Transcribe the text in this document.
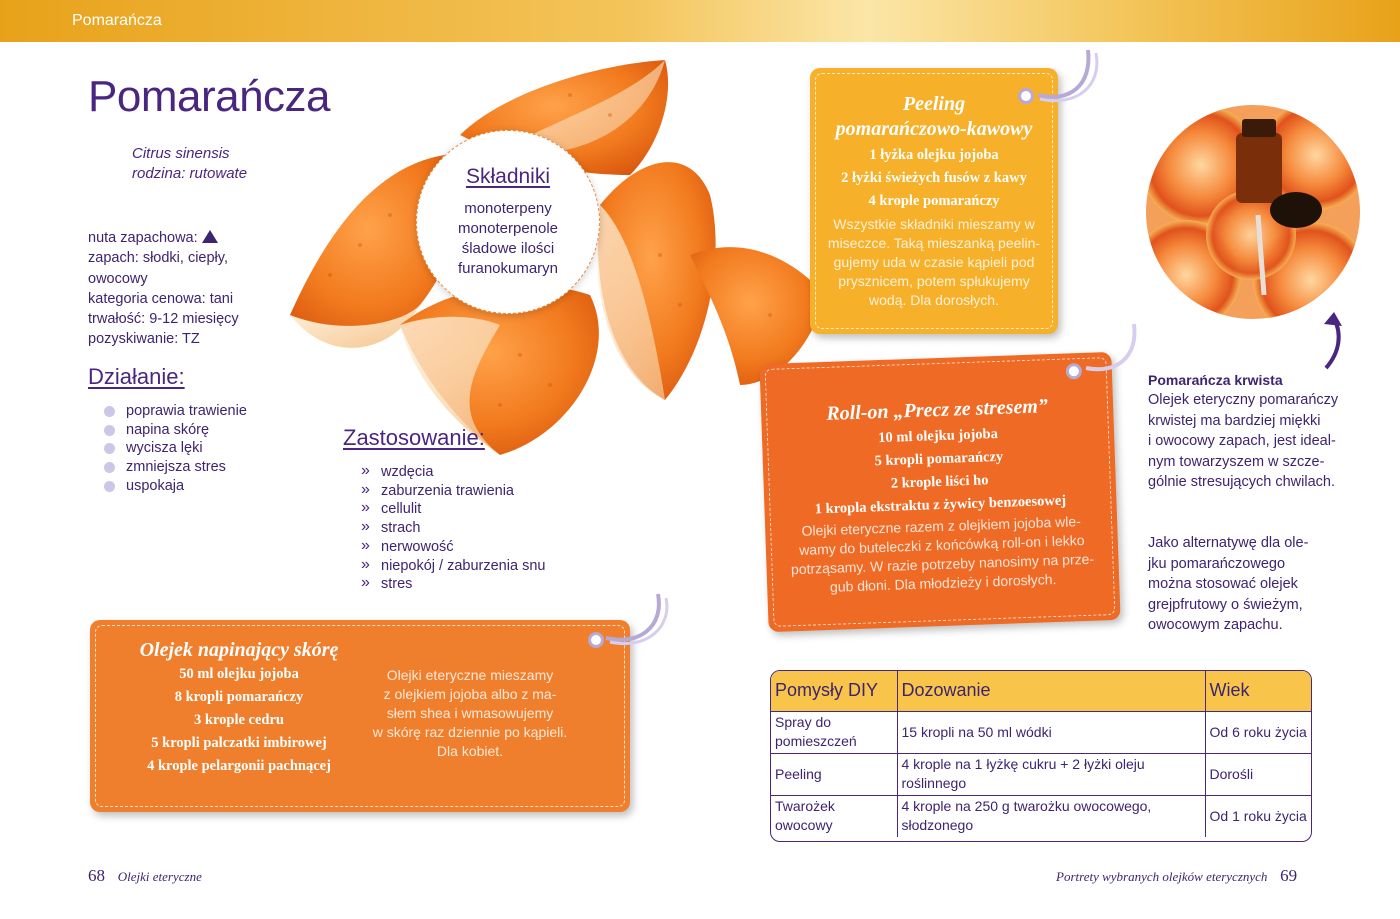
Pomarańcza
Pomarańcza
Citrus sinensis
rodzina: rutowate
nuta zapachowa:
zapach: słodki, ciepły,
owocowy
kategoria cenowa: tani
trwałość: 9-12 miesięcy
pozyskiwanie: TZ
Działanie:
poprawia trawienie
napina skórę
wycisza lęki
zmniejsza stres
uspokaja
Składniki
monoterpeny
monoterpenole
śladowe ilości
furanokumaryn
Zastosowanie:
» wzdęcia
» zaburzenia trawienia
» cellulit
» strach
» nerwowość
» niepokój / zaburzenia snu
» stres
Peeling
pomarańczowo-kawowy
1 łyżka olejku jojoba
2 łyżki świeżych fusów z kawy
4 krople pomarańczy
Wszystkie składniki mieszamy w
miseczce. Taką mieszanką peelin-
gujemy uda w czasie kąpieli pod
prysznicem, potem spłukujemy
wodą. Dla dorosłych.
Roll-on „Precz ze stresem”
10 ml olejku jojoba
5 kropli pomarańczy
2 krople liści ho
1 kropla ekstraktu z żywicy benzoesowej
Olejki eteryczne razem z olejkiem jojoba wle-
wamy do buteleczki z końcówką roll-on i lekko
potrząsamy. W razie potrzeby nanosimy na prze-
gub dłoni. Dla młodzieży i dorosłych.
Olejek napinający skórę
50 ml olejku jojoba
8 kropli pomarańczy
3 krople cedru
5 kropli palczatki imbirowej
4 krople pelargonii pachnącej
Olejki eteryczne mieszamy
z olejkiem jojoba albo z ma-
słem shea i wmasowujemy
w skórę raz dziennie po kąpieli.
Dla kobiet.
Pomarańcza krwista
Olejek eteryczny pomarańczy
krwistej ma bardziej miękki
i owocowy zapach, jest ideal-
nym towarzyszem w szcze-
gólnie stresujących chwilach.
Jako alternatywę dla ole-
jku pomarańczowego
można stosować olejek
grejpfrutowy o świeżym,
owocowym zapachu.
Pomysły DIY	Dozowanie	Wiek
Spray do pomieszczeń	15 kropli na 50 ml wódki	Od 6 roku życia
Peeling	4 krople na 1 łyżkę cukru + 2 łyżki oleju roślinnego	Dorośli
Twarożek owocowy	4 krople na 250 g twarożku owocowego, słodzonego	Od 1 roku życia
68 Olejki eteryczne	Portrety wybranych olejków eterycznych 69
